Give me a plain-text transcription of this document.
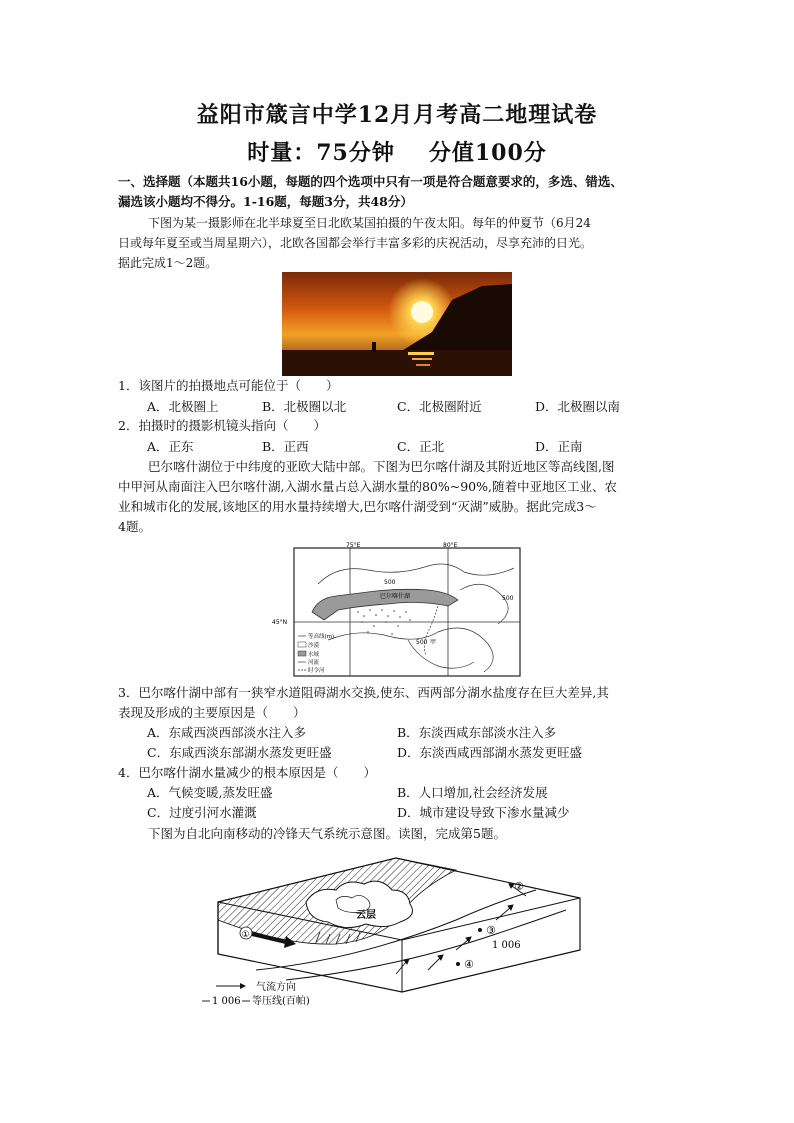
益阳市箴言中学12月月考高二地理试卷
时量：75分钟 分值100分
一、选择题（本题共16小题，每题的四个选项中只有一项是符合题意要求的，多选、错选、
漏选该小题均不得分。1-16题，每题3分，共48分）
下图为某一摄影师在北半球夏至日北欧某国拍摄的午夜太阳。每年的仲夏节（6月24
日或每年夏至或当周星期六），北欧各国都会举行丰富多彩的庆祝活动，尽享充沛的日光。
据此完成1～2题。
1．该图片的拍摄地点可能位于（　　）
A．北极圈上	B．北极圈以北	C．北极圈附近	D．北极圈以南
2．拍摄时的摄影机镜头指向（　　）
A．正东	B．正西	C．正北	D．正南
巴尔喀什湖位于中纬度的亚欧大陆中部。下图为巴尔喀什湖及其附近地区等高线图,图
中甲河从南面注入巴尔喀什湖,入湖水量占总入湖水量的80%~90%,随着中亚地区工业、农
业和城市化的发展,该地区的用水量持续增大,巴尔喀什湖受到“灭湖”威胁。据此完成3～
4题。
75°E	80°E
45°N
巴尔喀什湖
500
500
500 甲
等高线(m)
沙漠
水域
河流
时令河
3．巴尔喀什湖中部有一狭窄水道阻碍湖水交换,使东、西两部分湖水盐度存在巨大差异,其
表现及形成的主要原因是（　　）
A．东咸西淡西部淡水注入多	B．东淡西咸东部淡水注入多
C．东咸西淡东部湖水蒸发更旺盛	D．东淡西咸西部湖水蒸发更旺盛
4．巴尔喀什湖水量减少的根本原因是（　　）
A．气候变暖,蒸发旺盛	B．人口增加,社会经济发展
C．过度引河水灌溉	D．城市建设导致下渗水量减少
下图为自北向南移动的冷锋天气系统示意图。读图，完成第5题。
云层
①
②
③
④
1 006
气流方向
1 006 等压线(百帕)
